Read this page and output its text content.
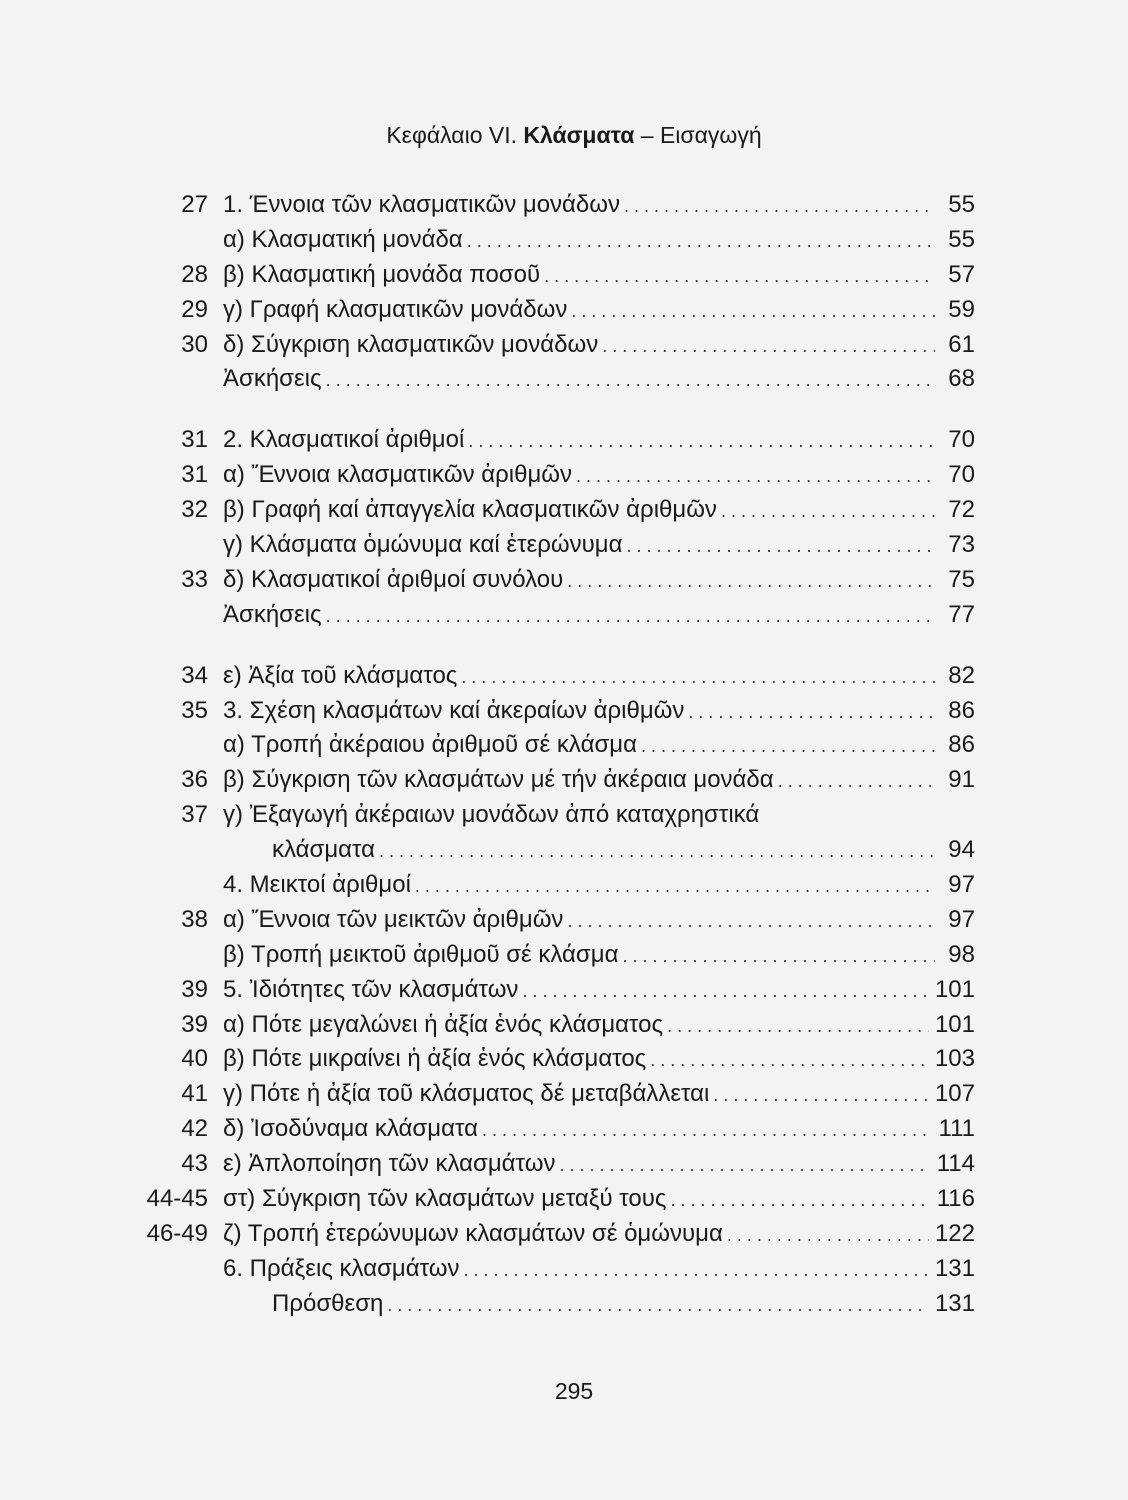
Κεφάλαιο VI. Κλάσματα – Εισαγωγή
27 1. Έννοια τῶν κλασματικῶν μονάδων . . .	55
α) Κλασματική μονάδα . . .	55
28 β) Κλασματική μονάδα ποσοῦ . . .	57
29 γ) Γραφή κλασματικῶν μονάδων . . .	59
30 δ) Σύγκριση κλασματικῶν μονάδων . . .	61
Ἀσκήσεις . . .	68
31 2. Κλασματικοί ἀριθμοί . . .	70
31 α) Ἔννοια κλασματικῶν ἀριθμῶν . . .	70
32 β) Γραφή καί ἀπαγγελία κλασματικῶν ἀριθμῶν . . .	72
γ) Κλάσματα ὁμώνυμα καί ἑτερώνυμα . . .	73
33 δ) Κλασματικοί ἀριθμοί συνόλου . . .	75
Ἀσκήσεις . . .	77
34 ε) Ἀξία τοῦ κλάσματος . . .	82
35 3. Σχέση κλασμάτων καί ἀκεραίων ἀριθμῶν . . .	86
α) Τροπή ἀκέραιου ἀριθμοῦ σέ κλάσμα . . .	86
36 β) Σύγκριση τῶν κλασμάτων μέ τήν ἀκέραια μονάδα . . .	91
37 γ) Ἐξαγωγή ἀκέραιων μονάδων ἀπό καταχρηστικά
κλάσματα . . .	94
4. Μεικτοί ἀριθμοί . . .	97
38 α) Ἔννοια τῶν μεικτῶν ἀριθμῶν . . .	97
β) Τροπή μεικτοῦ ἀριθμοῦ σέ κλάσμα . . .	98
39 5. Ἰδιότητες τῶν κλασμάτων . . .	101
39 α) Πότε μεγαλώνει ἡ ἀξία ἑνός κλάσματος . . .	101
40 β) Πότε μικραίνει ἡ ἀξία ἑνός κλάσματος . . .	103
41 γ) Πότε ἡ ἀξία τοῦ κλάσματος δέ μεταβάλλεται . . .	107
42 δ) Ἰσοδύναμα κλάσματα . . .	111
43 ε) Ἀπλοποίηση τῶν κλασμάτων . . .	114
44-45 στ) Σύγκριση τῶν κλασμάτων μεταξύ τους . . .	116
46-49 ζ) Τροπή ἑτερώνυμων κλασμάτων σέ ὁμώνυμα . . .	122
6. Πράξεις κλασμάτων . . .	131
Πρόσθεση . . .	131
295
